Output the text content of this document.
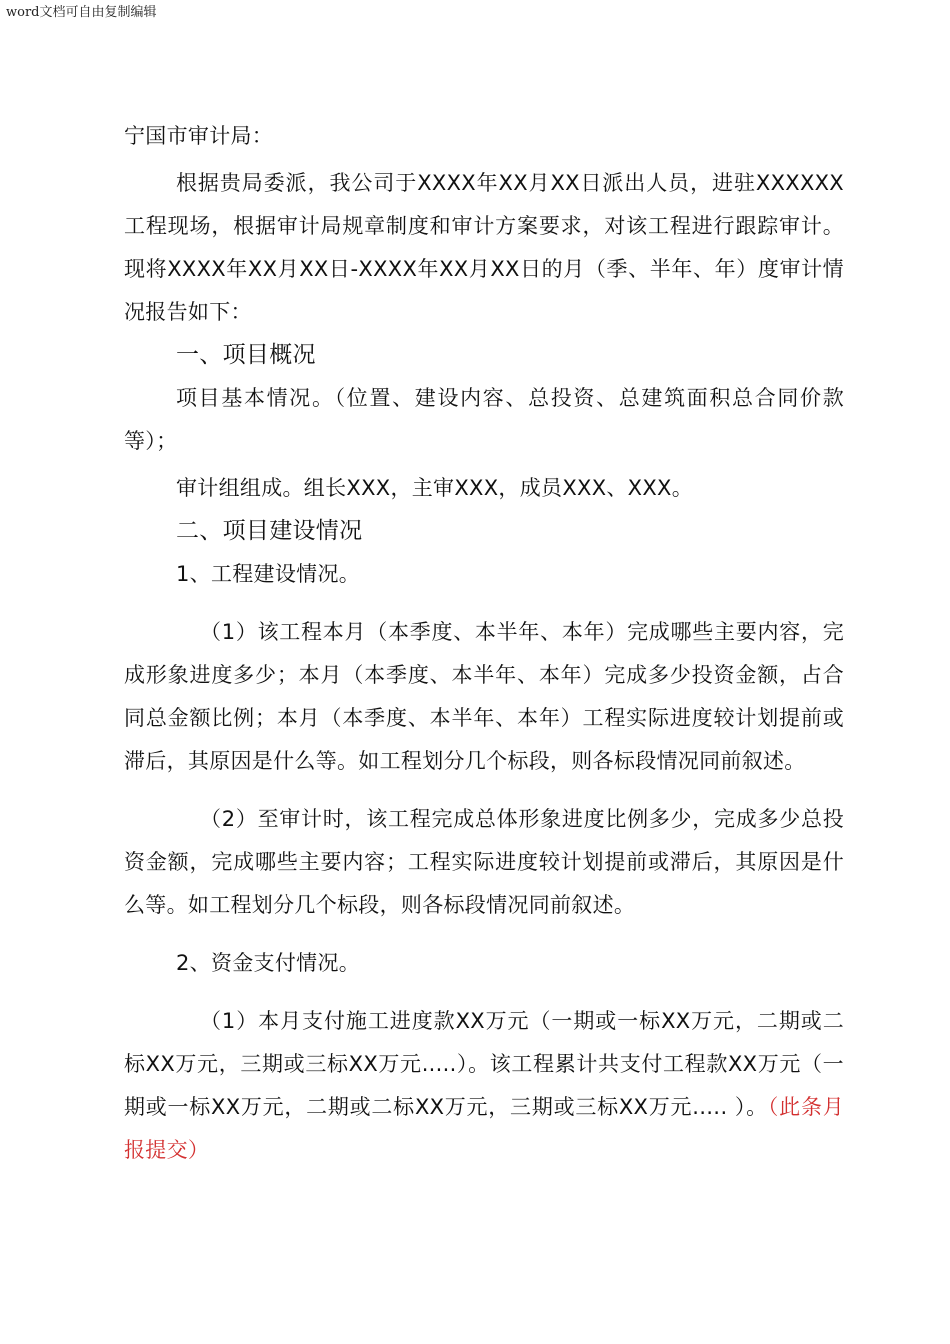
word文档可自由复制编辑

宁国市审计局：

根据贵局委派，我公司于XXXX年XX月XX日派出人员，进驻XXXXXX工程现场，根据审计局规章制度和审计方案要求，对该工程进行跟踪审计。现将XXXX年XX月XX日-XXXX年XX月XX日的月（季、半年、年）度审计情况报告如下：

一、项目概况

项目基本情况。（位置、建设内容、总投资、总建筑面积总合同价款等）；

审计组组成。组长XXX，主审XXX，成员XXX、XXX。

二、项目建设情况

1、工程建设情况。

（1）该工程本月（本季度、本半年、本年）完成哪些主要内容，完成形象进度多少；本月（本季度、本半年、本年）完成多少投资金额，占合同总金额比例；本月（本季度、本半年、本年）工程实际进度较计划提前或滞后，其原因是什么等。如工程划分几个标段，则各标段情况同前叙述。

（2）至审计时，该工程完成总体形象进度比例多少，完成多少总投资金额，完成哪些主要内容；工程实际进度较计划提前或滞后，其原因是什么等。如工程划分几个标段，则各标段情况同前叙述。

2、资金支付情况。

（1）本月支付施工进度款XX万元（一期或一标XX万元，二期或二标XX万元，三期或三标XX万元.....）。该工程累计共支付工程款XX万元（一期或一标XX万元，二期或二标XX万元，三期或三标XX万元.…. ）。（此条月报提交）
